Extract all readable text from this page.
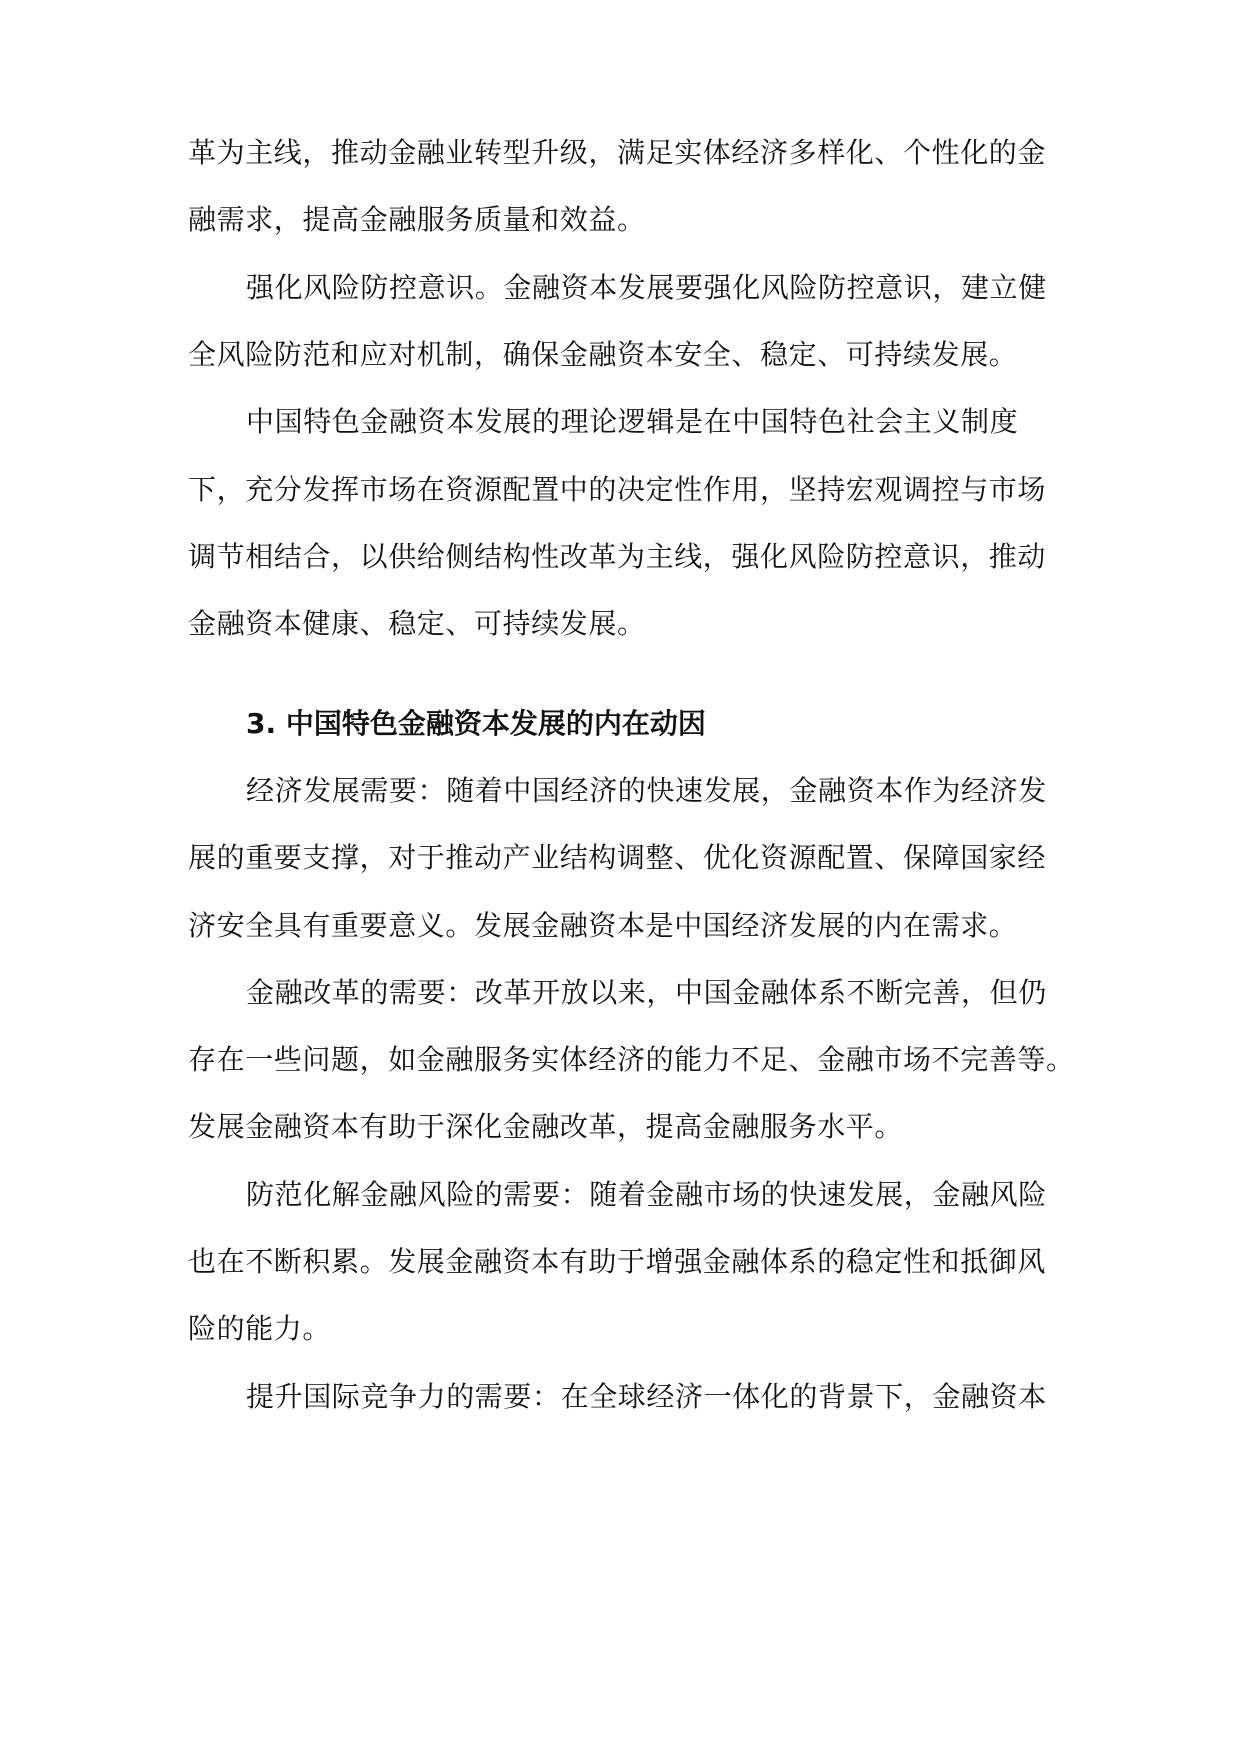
革为主线，推动金融业转型升级，满足实体经济多样化、个性化的金
融需求，提高金融服务质量和效益。
强化风险防控意识。金融资本发展要强化风险防控意识，建立健
全风险防范和应对机制，确保金融资本安全、稳定、可持续发展。
中国特色金融资本发展的理论逻辑是在中国特色社会主义制度
下，充分发挥市场在资源配置中的决定性作用，坚持宏观调控与市场
调节相结合，以供给侧结构性改革为主线，强化风险防控意识，推动
金融资本健康、稳定、可持续发展。
3. 中国特色金融资本发展的内在动因
经济发展需要：随着中国经济的快速发展，金融资本作为经济发
展的重要支撑，对于推动产业结构调整、优化资源配置、保障国家经
济安全具有重要意义。发展金融资本是中国经济发展的内在需求。
金融改革的需要：改革开放以来，中国金融体系不断完善，但仍
存在一些问题，如金融服务实体经济的能力不足、金融市场不完善等。
发展金融资本有助于深化金融改革，提高金融服务水平。
防范化解金融风险的需要：随着金融市场的快速发展，金融风险
也在不断积累。发展金融资本有助于增强金融体系的稳定性和抵御风
险的能力。
提升国际竞争力的需要：在全球经济一体化的背景下，金融资本
